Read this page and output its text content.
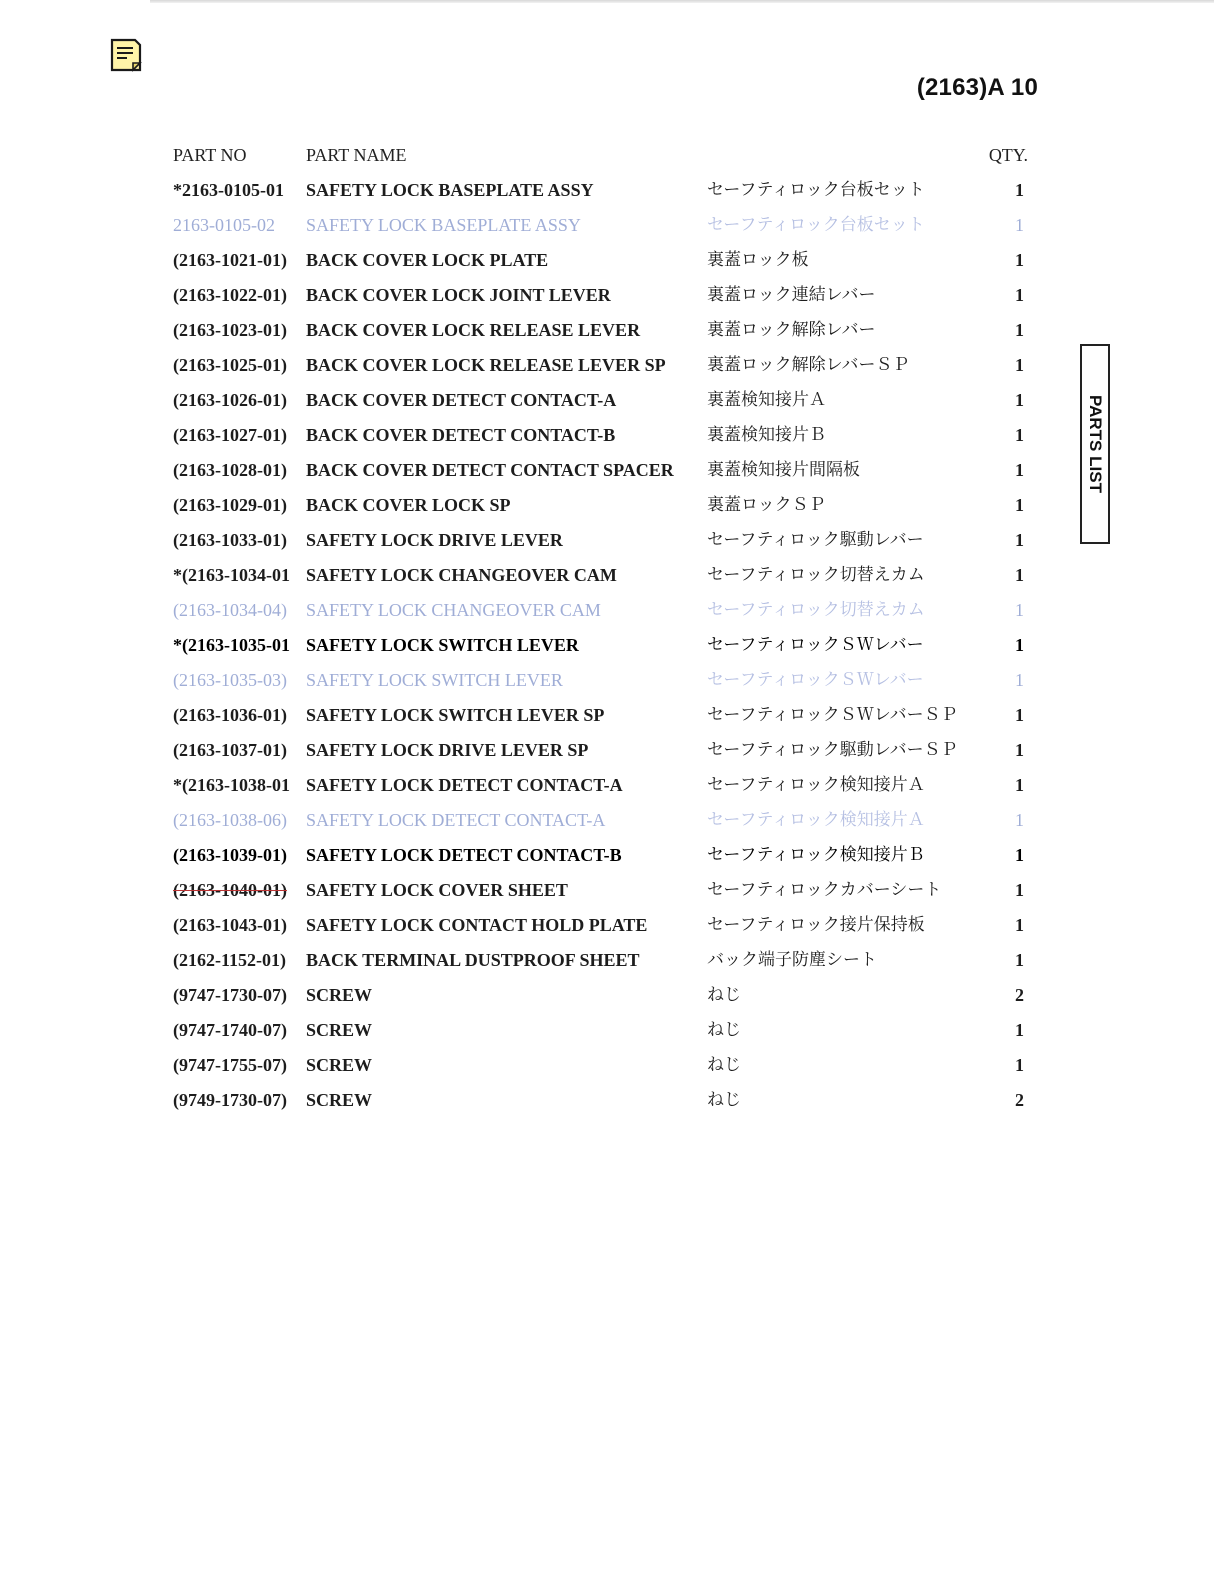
(2163)A 10
PARTS LIST
PART NO	PART NAME	QTY.
*2163-0105-01 SAFETY LOCK BASEPLATE ASSY	セーフティロック台板セット	1
2163-0105-02 SAFETY LOCK BASEPLATE ASSY	セーフティロック台板セット	1
(2163-1021-01) BACK COVER LOCK PLATE	裏蓋ロック板	1
(2163-1022-01) BACK COVER LOCK JOINT LEVER	裏蓋ロック連結レバー	1
(2163-1023-01) BACK COVER LOCK RELEASE LEVER	裏蓋ロック解除レバー	1
(2163-1025-01) BACK COVER LOCK RELEASE LEVER SP 裏蓋ロック解除レバーＳＰ	1
(2163-1026-01) BACK COVER DETECT CONTACT-A	裏蓋検知接片Ａ	1
(2163-1027-01) BACK COVER DETECT CONTACT-B	裏蓋検知接片Ｂ	1
(2163-1028-01) BACK COVER DETECT CONTACT SPACER 裏蓋検知接片間隔板	1
(2163-1029-01) BACK COVER LOCK SP	裏蓋ロックＳＰ	1
(2163-1033-01) SAFETY LOCK DRIVE LEVER	セーフティロック駆動レバー	1
*(2163-1034-01 SAFETY LOCK CHANGEOVER CAM	セーフティロック切替えカム	1
(2163-1034-04) SAFETY LOCK CHANGEOVER CAM	セーフティロック切替えカム	1
*(2163-1035-01 SAFETY LOCK SWITCH LEVER	セーフティロックＳＷレバー	1
(2163-1035-03) SAFETY LOCK SWITCH LEVER	セーフティロックＳＷレバー	1
(2163-1036-01) SAFETY LOCK SWITCH LEVER SP	セーフティロックＳＷレバーＳＰ	1
(2163-1037-01) SAFETY LOCK DRIVE LEVER SP	セーフティロック駆動レバーＳＰ	1
*(2163-1038-01 SAFETY LOCK DETECT CONTACT-A	セーフティロック検知接片Ａ	1
(2163-1038-06) SAFETY LOCK DETECT CONTACT-A	セーフティロック検知接片Ａ	1
(2163-1039-01) SAFETY LOCK DETECT CONTACT-B	セーフティロック検知接片Ｂ	1
(2163-1040-01) SAFETY LOCK COVER SHEET	セーフティロックカバーシート	1
(2163-1043-01) SAFETY LOCK CONTACT HOLD PLATE	セーフティロック接片保持板	1
(2162-1152-01) BACK TERMINAL DUSTPROOF SHEET	バック端子防塵シート	1
(9747-1730-07) SCREW	ねじ	2
(9747-1740-07) SCREW	ねじ	1
(9747-1755-07) SCREW	ねじ	1
(9749-1730-07) SCREW	ねじ	2
